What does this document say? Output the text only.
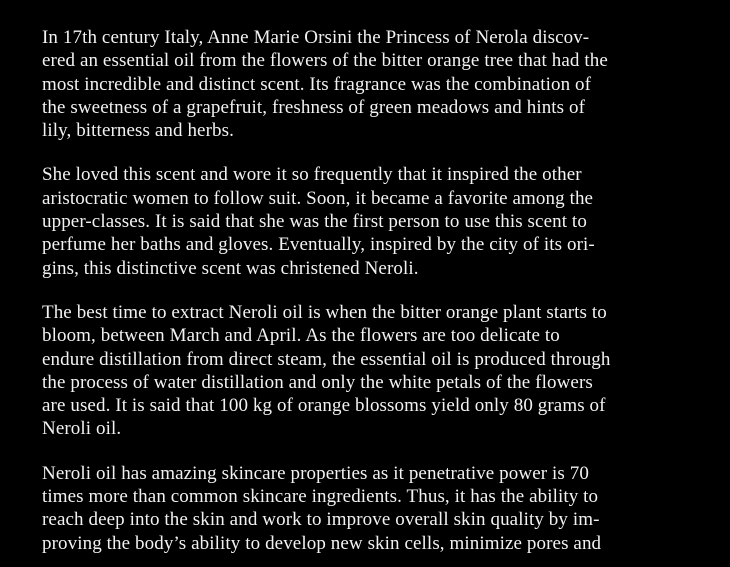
In 17th century Italy, Anne Marie Orsini the Princess of Nerola discov-
ered an essential oil from the flowers of the bitter orange tree that had the
most incredible and distinct scent. Its fragrance was the combination of
the sweetness of a grapefruit, freshness of green meadows and hints of
lily, bitterness and herbs.

She loved this scent and wore it so frequently that it inspired the other
aristocratic women to follow suit. Soon, it became a favorite among the
upper-classes. It is said that she was the first person to use this scent to
perfume her baths and gloves. Eventually, inspired by the city of its ori-
gins, this distinctive scent was christened Neroli.

The best time to extract Neroli oil is when the bitter orange plant starts to
bloom, between March and April. As the flowers are too delicate to
endure distillation from direct steam, the essential oil is produced through
the process of water distillation and only the white petals of the flowers
are used. It is said that 100 kg of orange blossoms yield only 80 grams of
Neroli oil.

Neroli oil has amazing skincare properties as it penetrative power is 70
times more than common skincare ingredients. Thus, it has the ability to
reach deep into the skin and work to improve overall skin quality by im-
proving the body’s ability to develop new skin cells, minimize pores and
